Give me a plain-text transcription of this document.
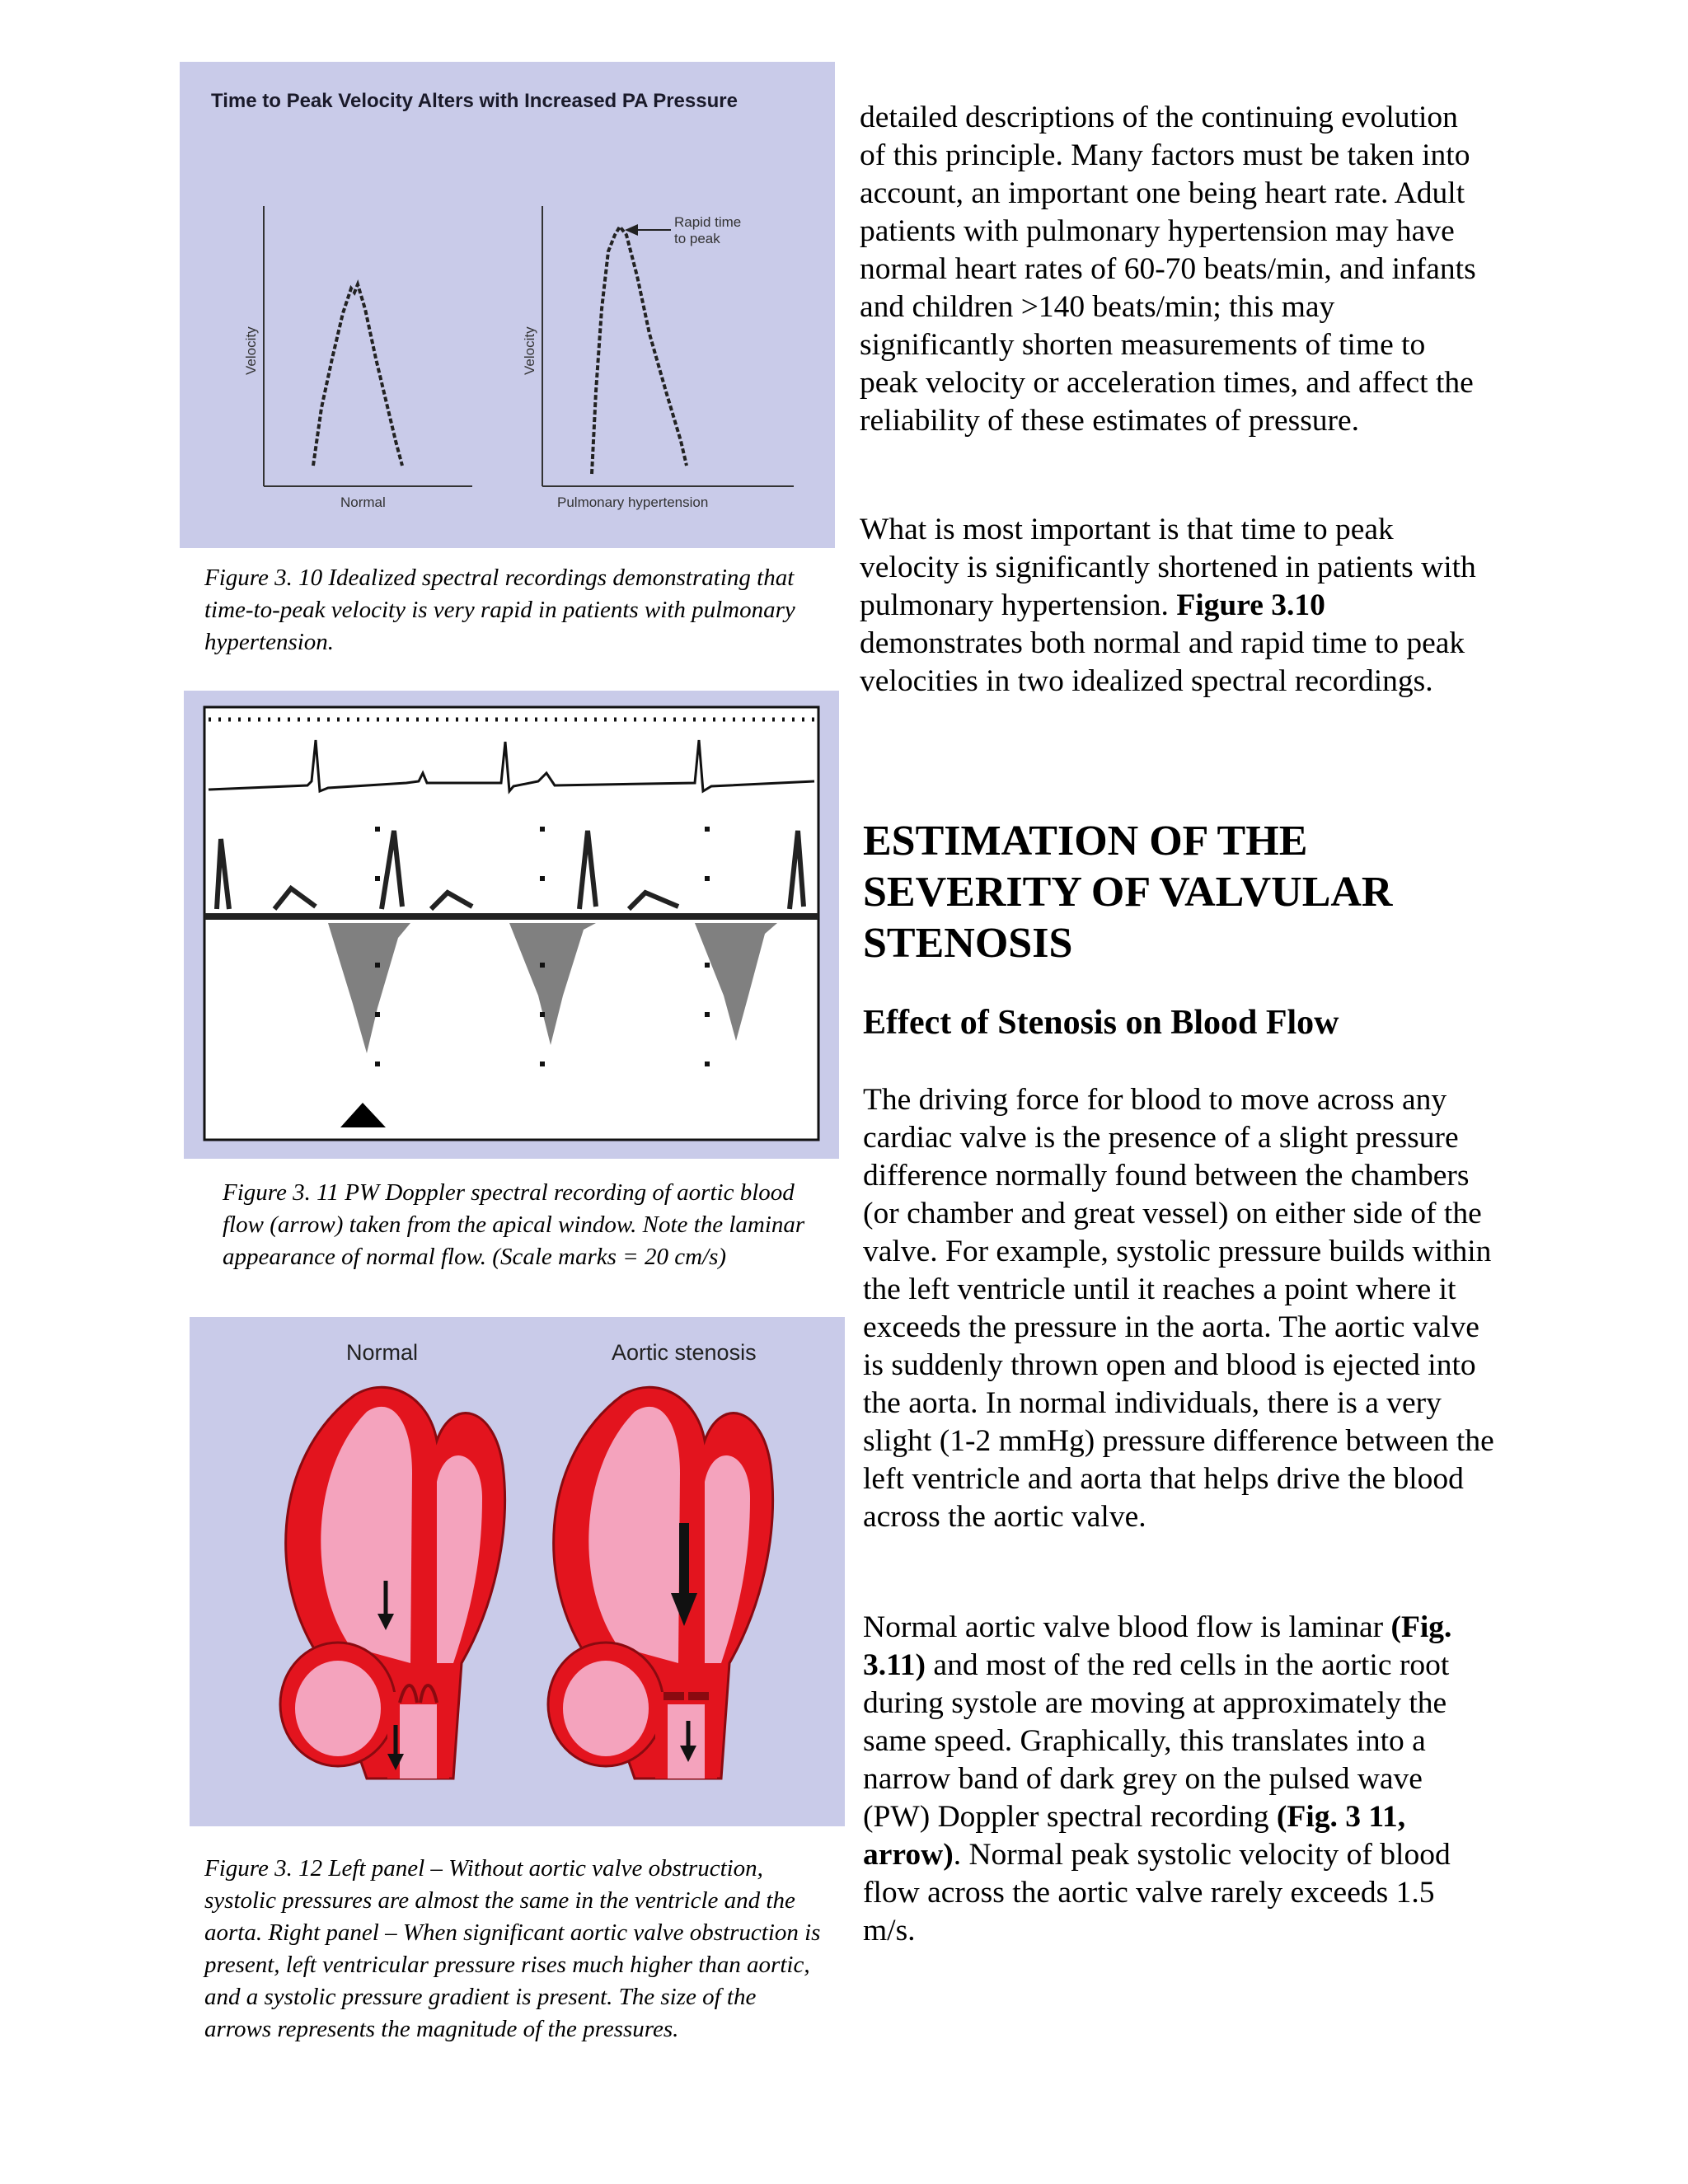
Time to Peak Velocity Alters with Increased PA Pressure
Velocity
Normal
Velocity
Pulmonary hypertension
Rapid time
to peak

Figure 3. 10 Idealized spectral recordings demonstrating that time-to-peak velocity is very rapid in patients with pulmonary hypertension.

Figure 3. 11 PW Doppler spectral recording of aortic blood flow (arrow) taken from the apical window. Note the laminar appearance of normal flow. (Scale marks = 20 cm/s)

Normal	Aortic stenosis

Figure 3. 12 Left panel – Without aortic valve obstruction, systolic pressures are almost the same in the ventricle and the aorta. Right panel – When significant aortic valve obstruction is present, left ventricular pressure rises much higher than aortic, and a systolic pressure gradient is present. The size of the arrows represents the magnitude of the pressures.

detailed descriptions of the continuing evolution of this principle. Many factors must be taken into account, an important one being heart rate. Adult patients with pulmonary hypertension may have normal heart rates of 60-70 beats/min, and infants and children >140 beats/min; this may significantly shorten measurements of time to peak velocity or acceleration times, and affect the reliability of these estimates of pressure.

What is most important is that time to peak velocity is significantly shortened in patients with pulmonary hypertension. Figure 3.10 demonstrates both normal and rapid time to peak velocities in two idealized spectral recordings.

ESTIMATION OF THE SEVERITY OF VALVULAR STENOSIS
Effect of Stenosis on Blood Flow

The driving force for blood to move across any cardiac valve is the presence of a slight pressure difference normally found between the chambers (or chamber and great vessel) on either side of the valve. For example, systolic pressure builds within the left ventricle until it reaches a point where it exceeds the pressure in the aorta. The aortic valve is suddenly thrown open and blood is ejected into the aorta. In normal individuals, there is a very slight (1-2 mmHg) pressure difference between the left ventricle and aorta that helps drive the blood across the aortic valve.

Normal aortic valve blood flow is laminar (Fig. 3.11) and most of the red cells in the aortic root during systole are moving at approximately the same speed. Graphically, this translates into a narrow band of dark grey on the pulsed wave (PW) Doppler spectral recording (Fig. 3 11, arrow). Normal peak systolic velocity of blood flow across the aortic valve rarely exceeds 1.5 m/s.
